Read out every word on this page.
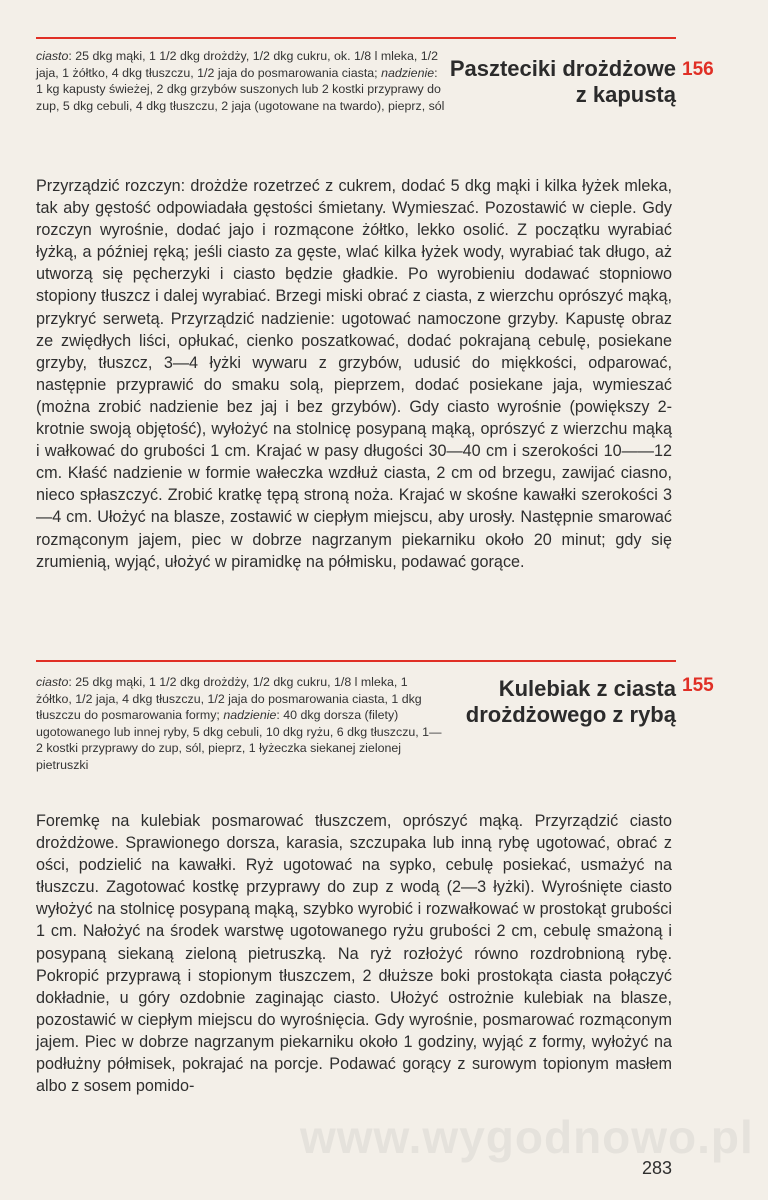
ciasto: 25 dkg mąki, 1 1/2 dkg drożdży, 1/2 dkg cukru, ok. 1/8 l mleka, 1/2 jaja, 1 żółtko, 4 dkg tłuszczu, 1/2 jaja do posmarowania ciasta; nadzienie: 1 kg kapusty świeżej, 2 dkg grzybów suszonych lub 2 kostki przyprawy do zup, 5 dkg cebuli, 4 dkg tłuszczu, 2 jaja (ugotowane na twardo), pieprz, sól
Paszteciki drożdżowe z kapustą
156

Przyrządzić rozczyn: drożdże rozetrzeć z cukrem, dodać 5 dkg mąki i kilka łyżek mleka, tak aby gęstość odpowiadała gęstości śmietany. Wymieszać. Pozostawić w cieple. Gdy rozczyn wyrośnie, dodać jajo i rozmącone żółtko, lekko osolić. Z początku wyrabiać łyżką, a później ręką; jeśli ciasto za gęste, wlać kilka łyżek wody, wyrabiać tak długo, aż utworzą się pęcherzyki i ciasto będzie gładkie. Po wyrobieniu dodawać stopniowo stopiony tłuszcz i dalej wyrabiać. Brzegi miski obrać z ciasta, z wierzchu oprószyć mąką, przykryć serwetą. Przyrządzić nadzienie: ugotować namoczone grzyby. Kapustę obraz ze zwiędłych liści, opłukać, cienko poszatkować, dodać pokrajaną cebulę, posiekane grzyby, tłuszcz, 3—4 łyżki wywaru z grzybów, udusić do miękkości, odparować, następnie przyprawić do smaku solą, pieprzem, dodać posiekane jaja, wymieszać (można zrobić nadzienie bez jaj i bez grzybów). Gdy ciasto wyrośnie (powiększy 2-krotnie swoją objętość), wyłożyć na stolnicę posypaną mąką, oprószyć z wierzchu mąką i wałkować do grubości 1 cm. Krajać w pasy długości 30—40 cm i szerokości 10——12 cm. Kłaść nadzienie w formie wałeczka wzdłuż ciasta, 2 cm od brzegu, zawijać ciasno, nieco spłaszczyć. Zrobić kratkę tępą stroną noża. Krajać w skośne kawałki szerokości 3—4 cm. Ułożyć na blasze, zostawić w ciepłym miejscu, aby urosły. Następnie smarować rozmąconym jajem, piec w dobrze nagrzanym piekarniku około 20 minut; gdy się zrumienią, wyjąć, ułożyć w piramidkę na półmisku, podawać gorące.

ciasto: 25 dkg mąki, 1 1/2 dkg drożdży, 1/2 dkg cukru, 1/8 l mleka, 1 żółtko, 1/2 jaja, 4 dkg tłuszczu, 1/2 jaja do posmarowania ciasta, 1 dkg tłuszczu do posmarowania formy; nadzienie: 40 dkg dorsza (filety) ugotowanego lub innej ryby, 5 dkg cebuli, 10 dkg ryżu, 6 dkg tłuszczu, 1—2 kostki przyprawy do zup, sól, pieprz, 1 łyżeczka siekanej zielonej pietruszki
Kulebiak z ciasta drożdżowego z rybą
155

Foremkę na kulebiak posmarować tłuszczem, oprószyć mąką. Przyrządzić ciasto drożdżowe. Sprawionego dorsza, karasia, szczupaka lub inną rybę ugotować, obrać z ości, podzielić na kawałki. Ryż ugotować na sypko, cebulę posiekać, usmażyć na tłuszczu. Zagotować kostkę przyprawy do zup z wodą (2—3 łyżki). Wyrośnięte ciasto wyłożyć na stolnicę posypaną mąką, szybko wyrobić i rozwałkować w prostokąt grubości 1 cm. Nałożyć na środek warstwę ugotowanego ryżu grubości 2 cm, cebulę smażoną i posypaną siekaną zieloną pietruszką. Na ryż rozłożyć równo rozdrobnioną rybę. Pokropić przyprawą i stopionym tłuszczem, 2 dłuższe boki prostokąta ciasta połączyć dokładnie, u góry ozdobnie zaginając ciasto. Ułożyć ostrożnie kulebiak na blasze, pozostawić w ciepłym miejscu do wyrośnięcia. Gdy wyrośnie, posmarować rozmąconym jajem. Piec w dobrze nagrzanym piekarniku około 1 godziny, wyjąć z formy, wyłożyć na podłużny półmisek, pokrajać na porcje. Podawać gorący z surowym topionym masłem albo z sosem pomido-

www.wygodnowo.pl
283
